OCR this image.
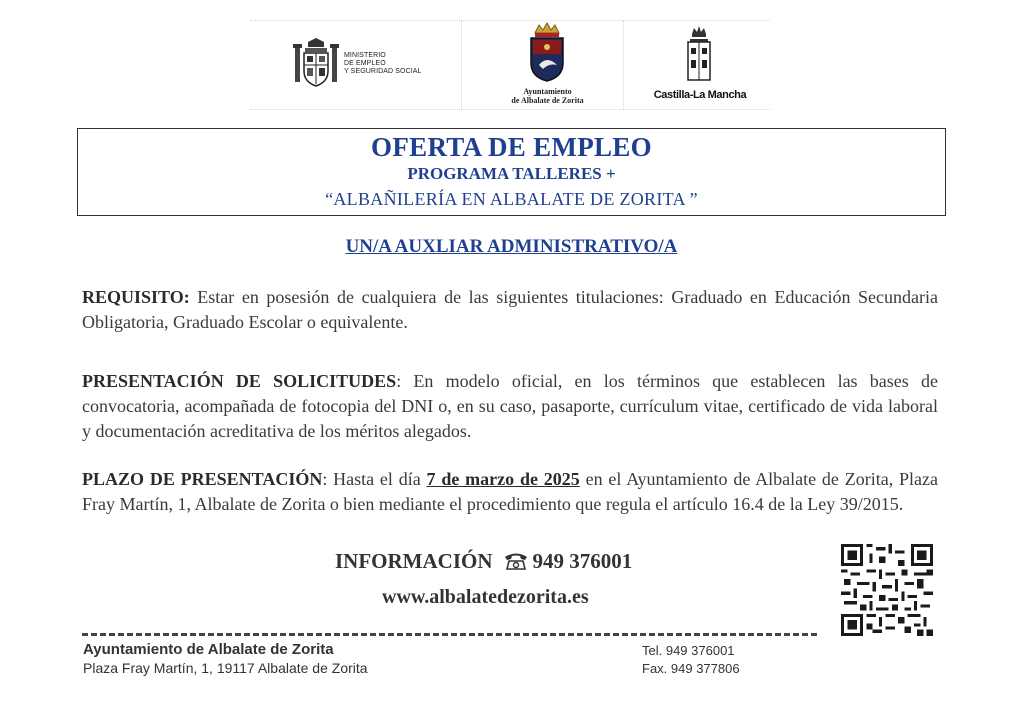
MINISTERIO
DE EMPLEO
Y SEGURIDAD SOCIAL
Ayuntamiento
de Albalate de Zorita	Castilla-La Mancha
OFERTA DE EMPLEO
PROGRAMA TALLERES +
“ALBAÑILERÍA EN ALBALATE DE ZORITA ”
UN/A AUXLIAR ADMINISTRATIVO/A
REQUISITO: Estar en posesión de cualquiera de las siguientes titulaciones: Graduado en Educación Secundaria Obligatoria, Graduado Escolar o equivalente.
PRESENTACIÓN DE SOLICITUDES: En modelo oficial, en los términos que establecen las bases de convocatoria, acompañada de fotocopia del DNI o, en su caso, pasaporte, currículum vitae, certificado de vida laboral y documentación acreditativa de los méritos alegados.
PLAZO DE PRESENTACIÓN: Hasta el día 7 de marzo de 2025 en el Ayuntamiento de Albalate de Zorita, Plaza Fray Martín, 1, Albalate de Zorita o bien mediante el procedimiento que regula el artículo 16.4 de la Ley 39/2015.
INFORMACIÓN 949 376001
www.albalatedezorita.es
Ayuntamiento de Albalate de Zorita
Plaza Fray Martín, 1, 19117 Albalate de Zorita
Tel. 949 376001
Fax. 949 377806
